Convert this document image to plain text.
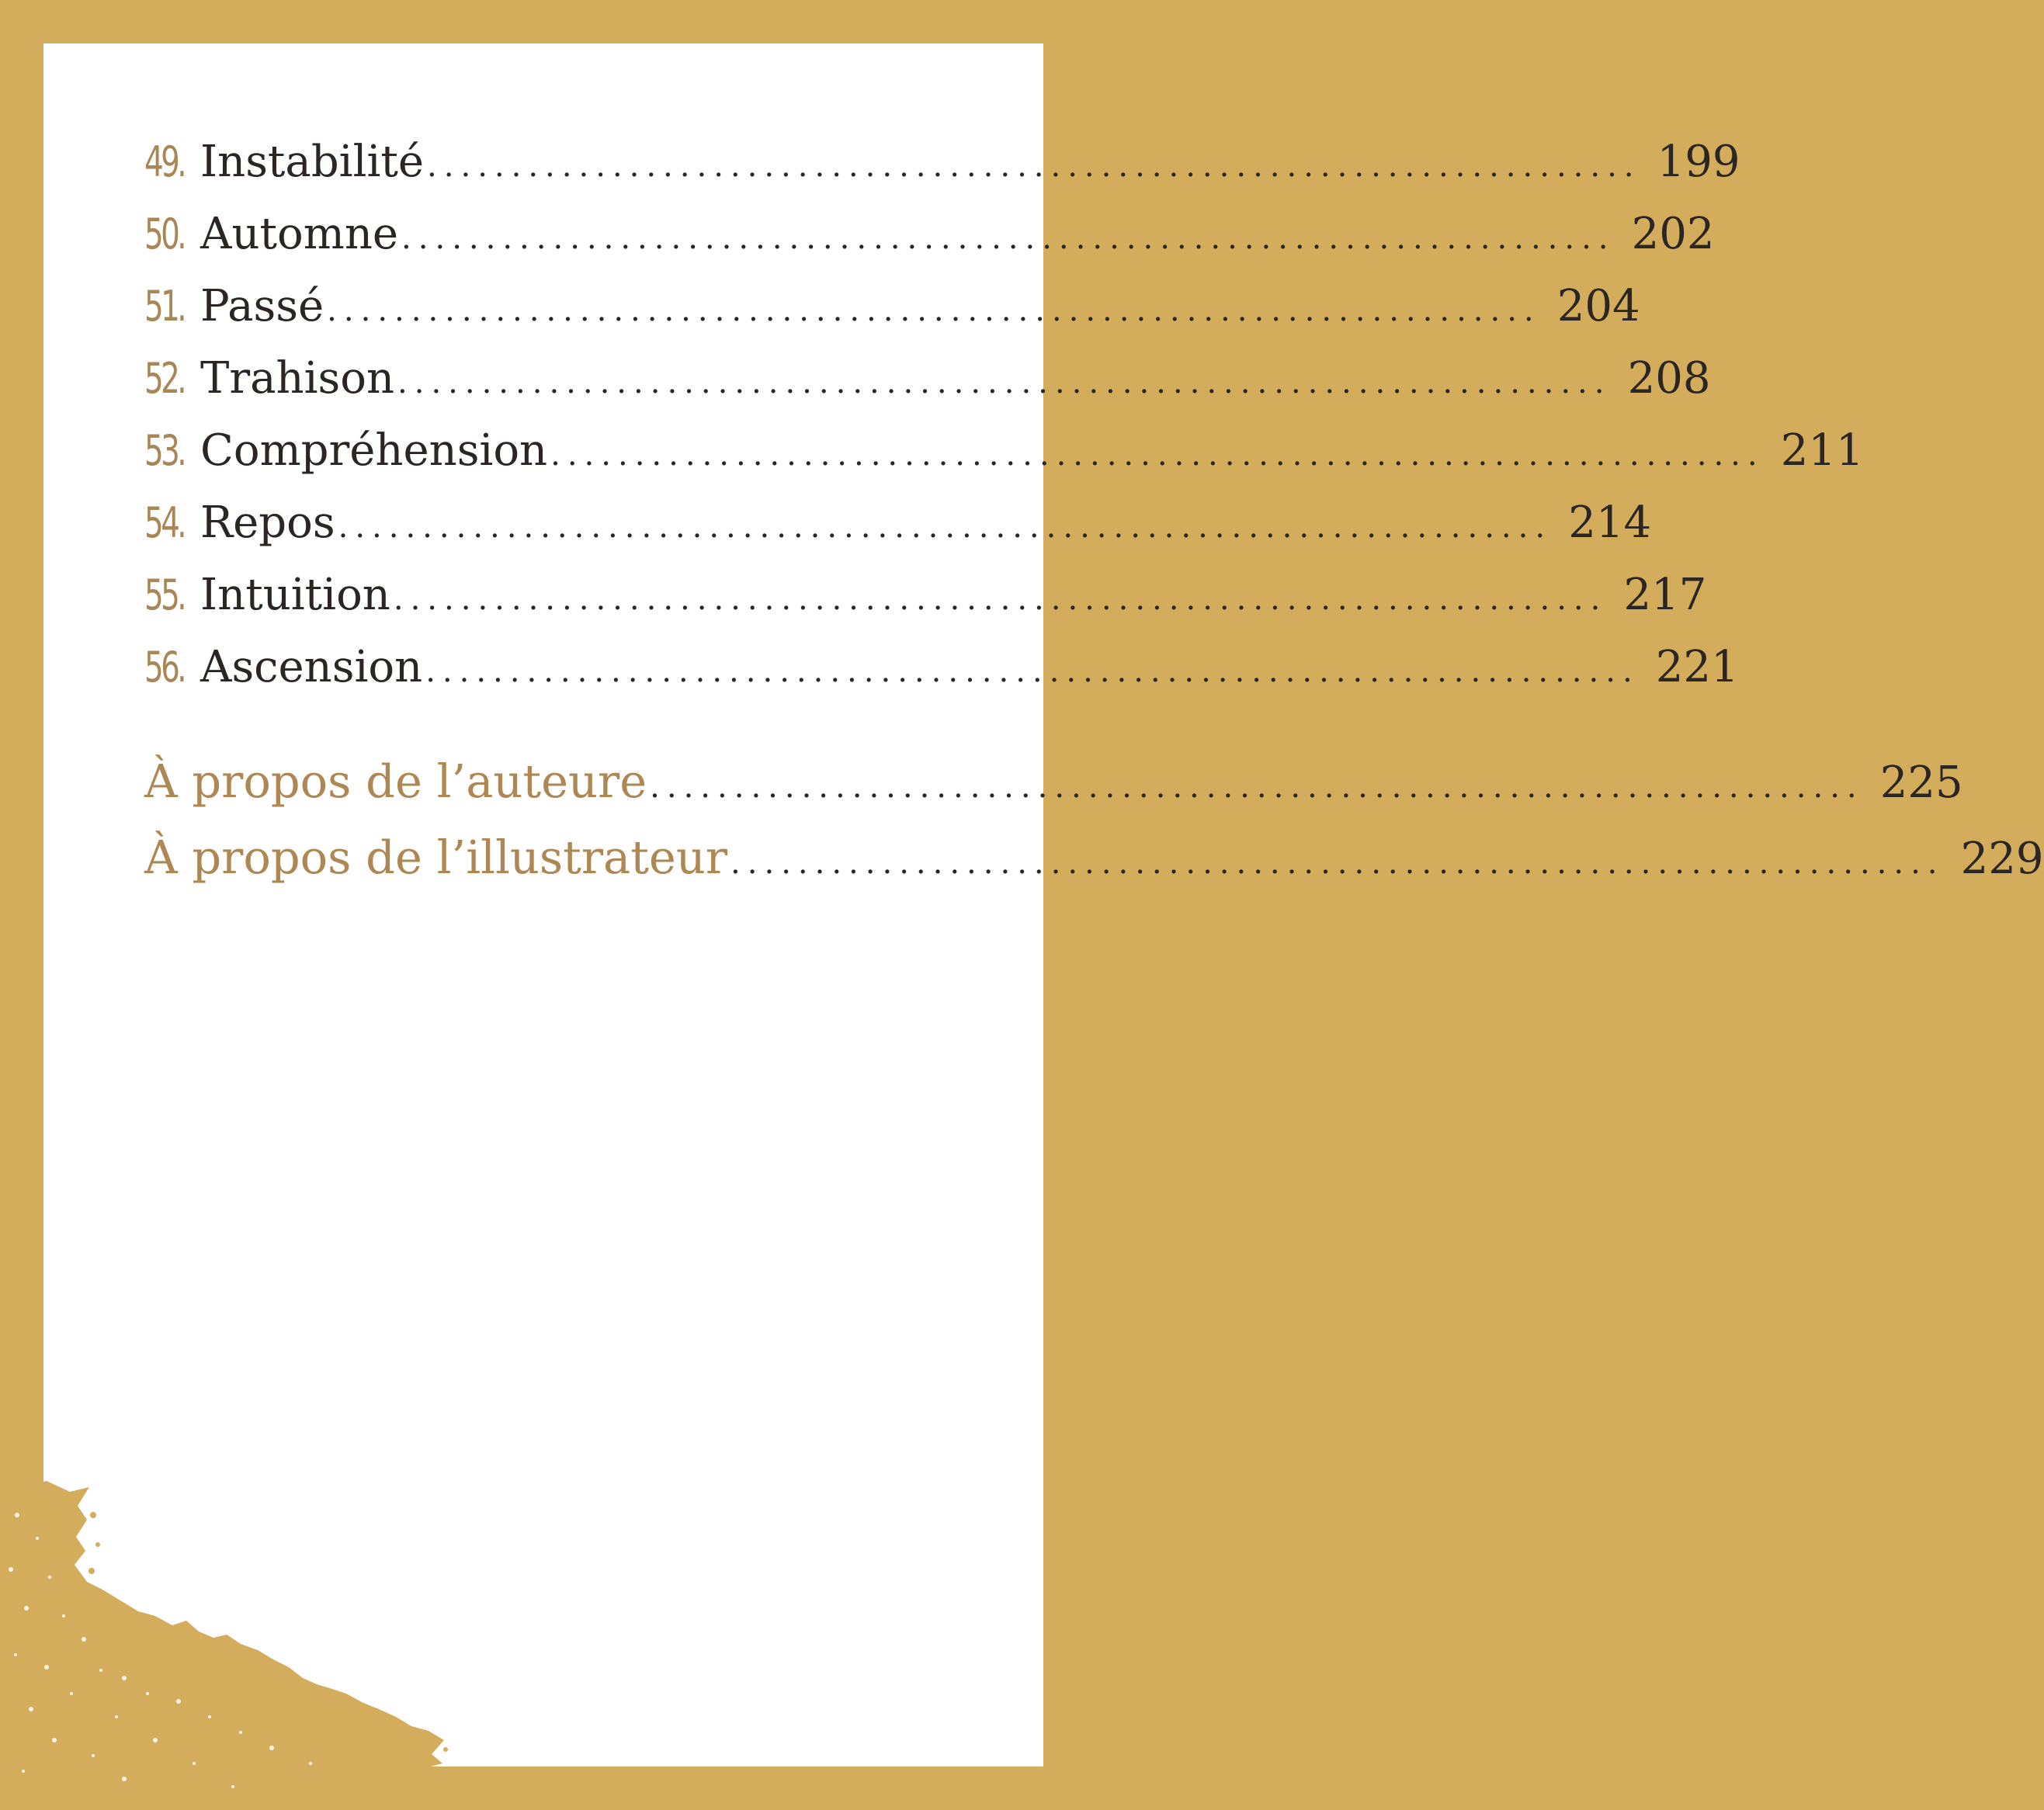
49. Instabilité ........................................................................ 199
50. Automne ........................................................................ 202
51. Passé ........................................................................ 204
52. Trahison ........................................................................ 208
53. Compréhension ........................................................................ 211
54. Repos ........................................................................ 214
55. Intuition ........................................................................ 217
56. Ascension ........................................................................ 221
À propos de l’auteure ........................................................................ 225
À propos de l’illustrateur ........................................................................ 229
